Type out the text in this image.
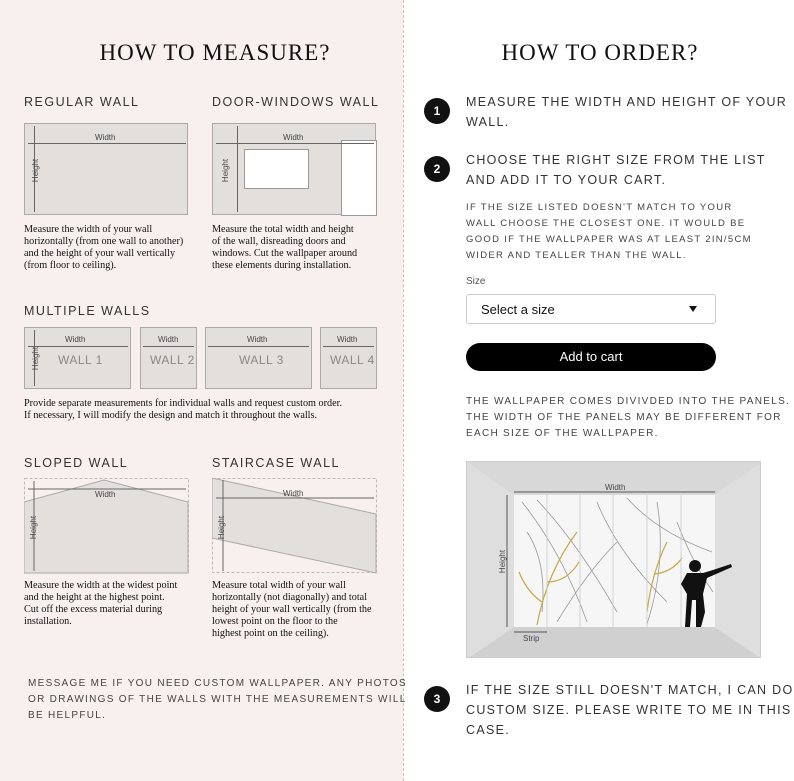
HOW TO MEASURE?
REGULAR WALL
Width
Height
Measure the width of your wall
horizontally (from one wall to another)
and the height of your wall vertically
(from floor to ceiling).
DOOR-WINDOWS WALL
Width
Height
Measure the total width and height
of the wall, disreading doors and
windows. Cut the wallpaper around
these elements during installation.
MULTIPLE WALLS
Width	Width	Width	Width
Height WALL 1	WALL 2	WALL 3	WALL 4
Provide separate measurements for individual walls and request custom order.
If necessary, I will modify the design and match it throughout the walls.
SLOPED WALL
Width
Height
Measure the width at the widest point
and the height at the highest point.
Cut off the excess material during
installation.
STAIRCASE WALL
Width
Height
Measure total width of your wall
horizontally (not diagonally) and total
height of your wall vertically (from the
lowest point on the floor to the
highest point on the ceiling).
MESSAGE ME IF YOU NEED CUSTOM WALLPAPER. ANY PHOTOS
OR DRAWINGS OF THE WALLS WITH THE MEASUREMENTS WILL
BE HELPFUL.
HOW TO ORDER?
1
MEASURE THE WIDTH AND HEIGHT OF YOUR
WALL.
2
CHOOSE THE RIGHT SIZE FROM THE LIST
AND ADD IT TO YOUR CART.
IF THE SIZE LISTED DOESN'T MATCH TO YOUR
WALL CHOOSE THE CLOSEST ONE. IT WOULD BE
GOOD IF THE WALLPAPER WAS AT LEAST 2IN/5CM
WIDER AND TEALLER THAN THE WALL.
Size
Select a size
Add to cart
THE WALLPAPER COMES DIVIVDED INTO THE PANELS.
THE WIDTH OF THE PANELS MAY BE DIFFERENT FOR
EACH SIZE OF THE WALLPAPER.
Width
Height
Strip
3
IF THE SIZE STILL DOESN'T MATCH, I CAN DO
CUSTOM SIZE. PLEASE WRITE TO ME IN THIS
CASE.
